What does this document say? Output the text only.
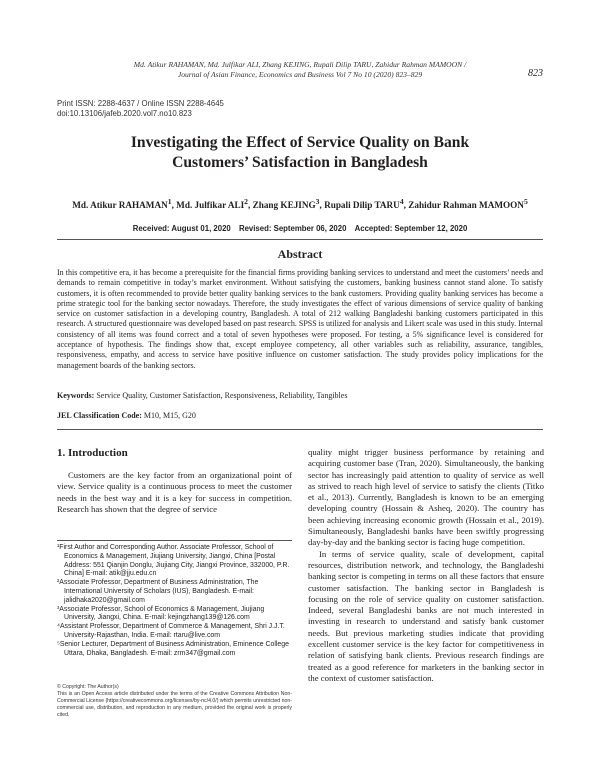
Md. Atikur RAHAMAN, Md. Julfikar ALI, Zhang KEJING, Rupali Dilip TARU, Zahidur Rahman MAMOON /
Journal of Asian Finance, Economics and Business Vol 7 No 10 (2020) 823–829	823
Print ISSN: 2288-4637 / Online ISSN 2288-4645
doi:10.13106/jafeb.2020.vol7.no10.823
Investigating the Effect of Service Quality on Bank
Customers’ Satisfaction in Bangladesh
Md. Atikur RAHAMAN$^1$, Md. Julfikar ALI$^2$, Zhang KEJING$^3$, Rupali Dilip TARU$^4$, Zahidur Rahman MAMOON$^5$
Received: August 01, 2020 Revised: September 06, 2020 Accepted: September 12, 2020
Abstract
In this competitive era, it has become a prerequisite for the financial firms providing banking services to understand and meet the customers’ needs and demands to remain competitive in today’s market environment. Without satisfying the customers, banking business cannot stand alone. To satisfy customers, it is often recommended to provide better quality banking services to the bank customers. Providing quality banking services has become a prime strategic tool for the banking sector nowadays. Therefore, the study investigates the effect of various dimensions of service quality of banking service on customer satisfaction in a developing country, Bangladesh. A total of 212 walking Bangladeshi banking customers participated in this research. A structured questionnaire was developed based on past research. SPSS is utilized for analysis and Likert scale was used in this study. Internal consistency of all items was found correct and a total of seven hypotheses were proposed. For testing, a 5% significance level is considered for acceptance of hypothesis. The findings show that, except employee competency, all other variables such as reliability, assurance, tangibles, responsiveness, empathy, and access to service have positive influence on customer satisfaction. The study provides policy implications for the management boards of the banking sectors.
Keywords: Service Quality, Customer Satisfaction, Responsiveness, Reliability, Tangibles
JEL Classification Code: M10, M15, G20
1. Introduction
Customers are the key factor from an organizational point of view. Service quality is a continuous process to meet the customer needs in the best way and it is a key for success in competition. Research has shown that the degree of service

quality might trigger business performance by retaining and acquiring customer base (Tran, 2020). Simultaneously, the banking sector has increasingly paid attention to quality of service as well as strived to reach high level of service to satisfy the clients (Titko et al., 2013). Currently, Bangladesh is known to be an emerging developing country (Hossain & Asheq, 2020). The country has been achieving increasing economic growth (Hossain et al., 2019). Simultaneously, Bangladeshi banks have been swiftly progressing day-by-day and the banking sector is facing huge competition.

In terms of service quality, scale of development, capital resources, distribution network, and technology, the Bangladeshi banking sector is competing in terms on all these factors that ensure customer satisfaction. The banking sector in Bangladesh is focusing on the role of service quality on customer satisfaction. Indeed, several Bangladeshi banks are not much interested in investing in research to understand and satisfy bank customer needs. But previous marketing studies indicate that providing excellent customer service is the key factor for competitiveness in relation of satisfying bank clients. Previous research findings are treated as a good reference for marketers in the banking sector in the context of customer satisfaction.

¹First Author and Corresponding Author. Associate Professor, School of Economics & Management, Jiujiang University, Jiangxi, China [Postal Address: 551 Qianjin Donglu, Jiujiang City, Jiangxi Province, 332000, P.R. China] E-mail: atik@jju.edu.cn

²Associate Professor, Department of Business Administration, The International University of Scholars (IUS), Bangladesh. E-mail: jalidhaka2020@gmail.com

³Associate Professor, School of Economics & Management, Jiujiang University, Jiangxi, China. E-mail: kejingzhang139@126.com

⁴Assistant Professor, Department of Commerce & Management, Shri J.J.T. University-Rajasthan, India. E-mail: rtaru@live.com

⁵Senior Lecturer, Department of Business Administration, Eminence College Uttara, Dhaka, Bangladesh. E-mail: zrm347@gmail.com

© Copyright: The Author(s)

This is an Open Access article distributed under the terms of the Creative Commons Attribution Non-Commercial License (https://creativecommons.org/licenses/by-nc/4.0/) which permits unrestricted non-commercial use, distribution, and reproduction in any medium, provided the original work is properly cited.
